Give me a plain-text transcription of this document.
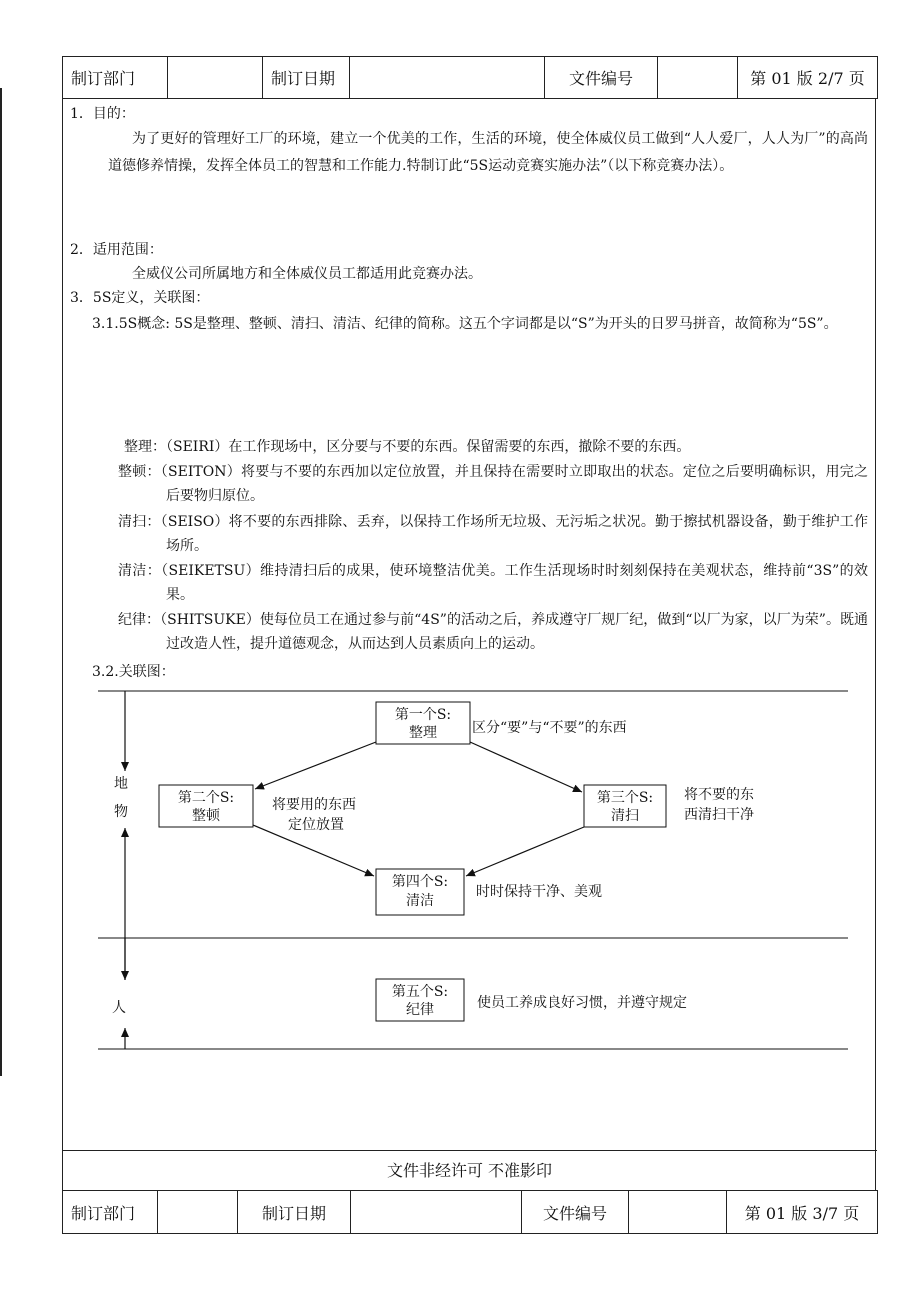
制订部门		制订日期		文件编号		第 01 版 2/7 页
1．目的：
为了更好的管理好工厂的环境，建立一个优美的工作，生活的环境，使全体威仪员工做到“人人爱厂，人人为厂”的高尚道德修养情操，发挥全体员工的智慧和工作能力.特制订此“5S运动竞赛实施办法”（以下称竞赛办法）。
2．适用范围：
全威仪公司所属地方和全体威仪员工都适用此竞赛办法。
3．5S定义，关联图：
3.1.5S概念: 5S是整理、整顿、清扫、清洁、纪律的简称。这五个字词都是以“S”为开头的日罗马拼音，故简称为“5S”。
整理：（SEIRI）在工作现场中，区分要与不要的东西。保留需要的东西，撤除不要的东西。
整顿：（SEITON）将要与不要的东西加以定位放置，并且保持在需要时立即取出的状态。定位之后要明确标识，用完之后要物归原位。
清扫：（SEISO）将不要的东西排除、丢弃，以保持工作场所无垃圾、无污垢之状况。勤于擦拭机器设备，勤于维护工作场所。
清洁：（SEIKETSU）维持清扫后的成果，使环境整洁优美。工作生活现场时时刻刻保持在美观状态，维持前“3S”的效果。
纪律：（SHITSUKE）使每位员工在通过参与前“4S”的活动之后，养成遵守厂规厂纪，做到“以厂为家，以厂为荣”。既通过改造人性，提升道德观念，从而达到人员素质向上的运动。
3.2.关联图：
地
物
人
第一个S:
整理	区分“要”与“不要”的东西
第二个S:
整顿
将要用的东西
定位放置
第三个S:
清扫
将不要的东
西清扫干净
第四个S:
清洁
时时保持干净、美观
第五个S:
纪律	使员工养成良好习惯，并遵守规定
文件非经许可 不准影印
制订部门		制订日期		文件编号		第 01 版 3/7 页
